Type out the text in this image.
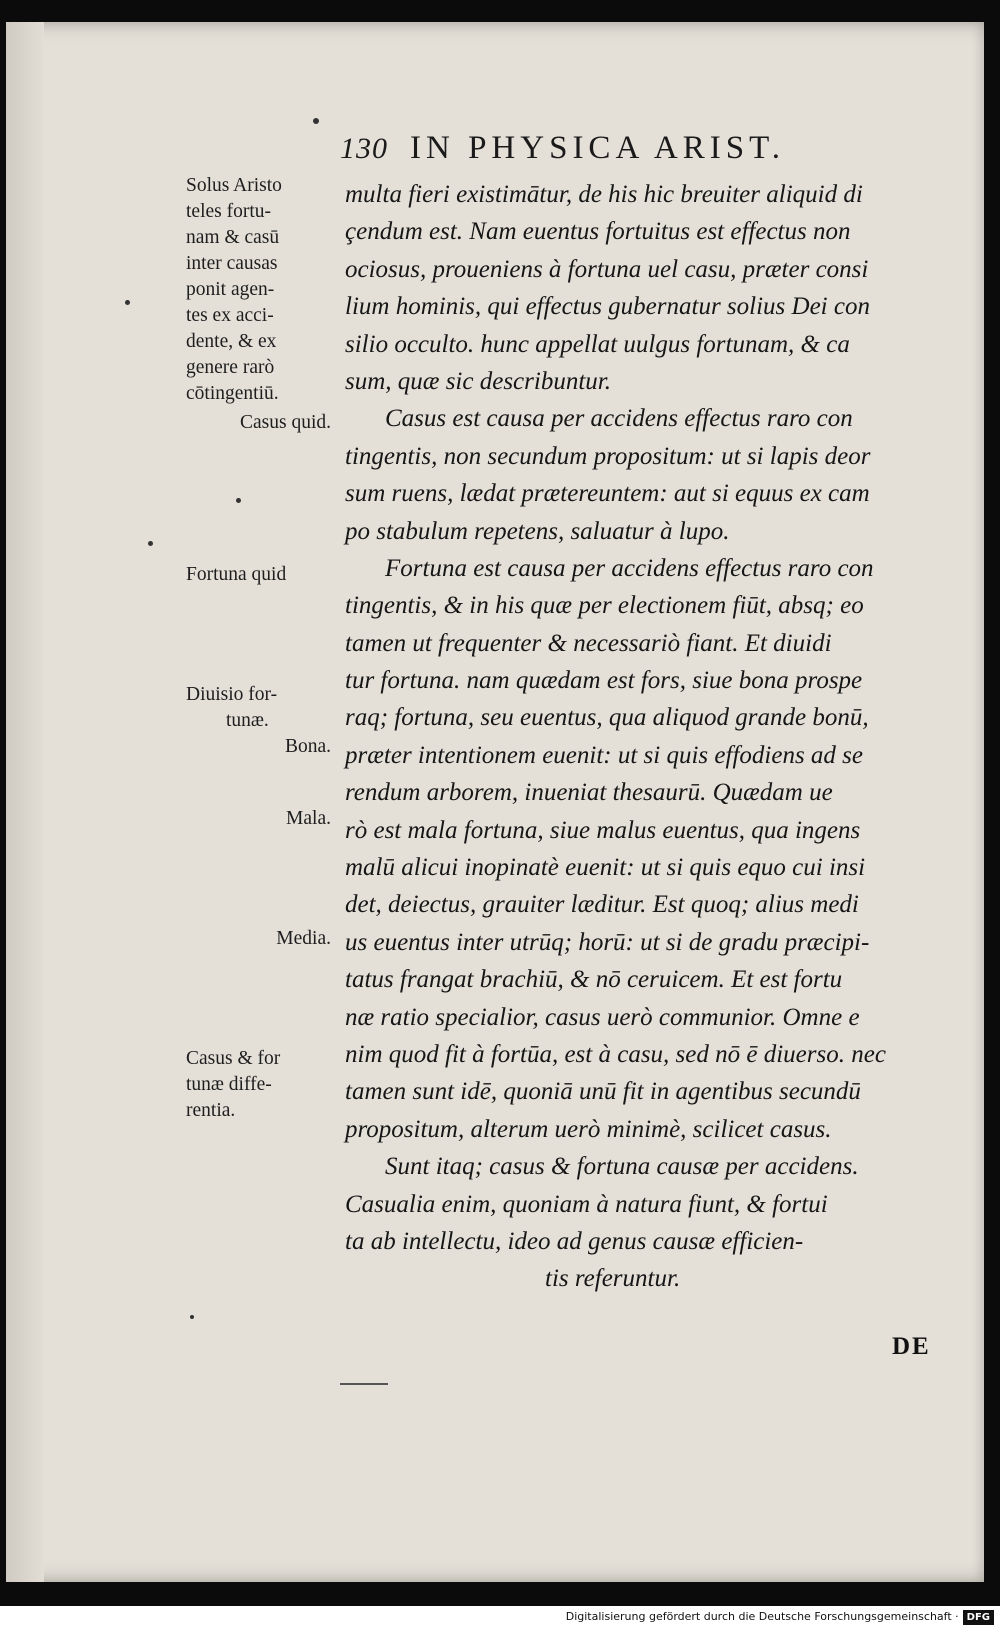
130 IN PHYSICA ARIST.
Solus Aristo
teles fortu-
nam & casū
inter causas
ponit agen-
tes ex acci-
dente, & ex
genere rarò
cōtingentiū.
Casus quid.
Fortuna quid
Diuisio for-
tunæ.
Bona.
Mala.
Media.
Casus & for
tunæ diffe-
rentia.
multa fieri existimātur, de his hic breuiter aliquid di
çendum est. Nam euentus fortuitus est effectus non
ociosus, proueniens à fortuna uel casu, præter consi
lium hominis, qui effectus gubernatur solius Dei con
silio occulto. hunc appellat uulgus fortunam, & ca
sum, quæ sic describuntur.
Casus est causa per accidens effectus raro con
tingentis, non secundum propositum: ut si lapis deor
sum ruens, lædat prætereuntem: aut si equus ex cam
po stabulum repetens, saluatur à lupo.
Fortuna est causa per accidens effectus raro con
tingentis, & in his quæ per electionem fiūt, absq; eo
tamen ut frequenter & necessariò fiant. Et diuidi
tur fortuna. nam quædam est fors, siue bona prospe
raq; fortuna, seu euentus, qua aliquod grande bonū,
præter intentionem euenit: ut si quis effodiens ad se
rendum arborem, inueniat thesaurū. Quædam ue
rò est mala fortuna, siue malus euentus, qua ingens
malū alicui inopinatè euenit: ut si quis equo cui insi
det, deiectus, grauiter læditur. Est quoq; alius medi
us euentus inter utrūq; horū: ut si de gradu præcipi-
tatus frangat brachiū, & nō ceruicem. Et est fortu
næ ratio specialior, casus uerò communior. Omne e
nim quod fit à fortūa, est à casu, sed nō ē diuerso. nec
tamen sunt idē, quoniā unū fit in agentibus secundū
propositum, alterum uerò minimè, scilicet casus.
Sunt itaq; casus & fortuna causæ per accidens.
Casualia enim, quoniam à natura fiunt, & fortui
ta ab intellectu, ideo ad genus causæ efficien-
tis referuntur.
DE
Digitalisierung gefördert durch die Deutsche Forschungsgemeinschaft · DFG
